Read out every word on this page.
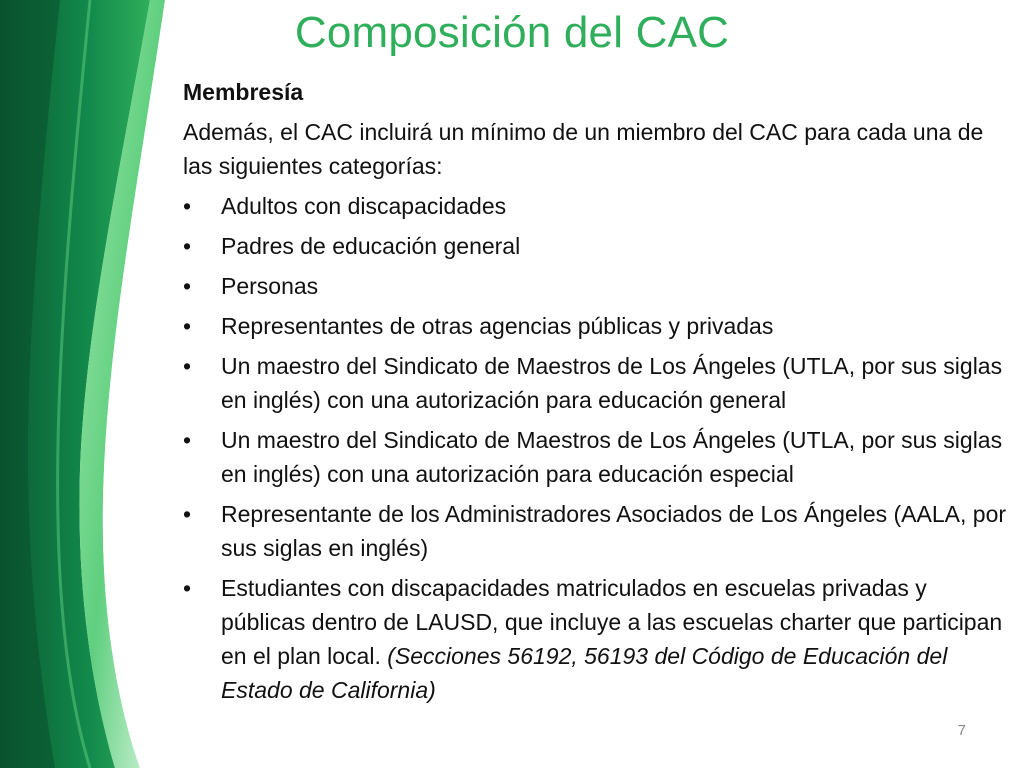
Composición del CAC

Membresía

Además, el CAC incluirá un mínimo de un miembro del CAC para cada una de las siguientes categorías:

• Adultos con discapacidades
• Padres de educación general
• Personas
• Representantes de otras agencias públicas y privadas
• Un maestro del Sindicato de Maestros de Los Ángeles (UTLA, por sus siglas en inglés) con una autorización para educación general
• Un maestro del Sindicato de Maestros de Los Ángeles (UTLA, por sus siglas en inglés) con una autorización para educación especial
• Representante de los Administradores Asociados de Los Ángeles (AALA, por sus siglas en inglés)
• Estudiantes con discapacidades matriculados en escuelas privadas y públicas dentro de LAUSD, que incluye a las escuelas charter que participan en el plan local. (Secciones 56192, 56193 del Código de Educación del Estado de California)
7
